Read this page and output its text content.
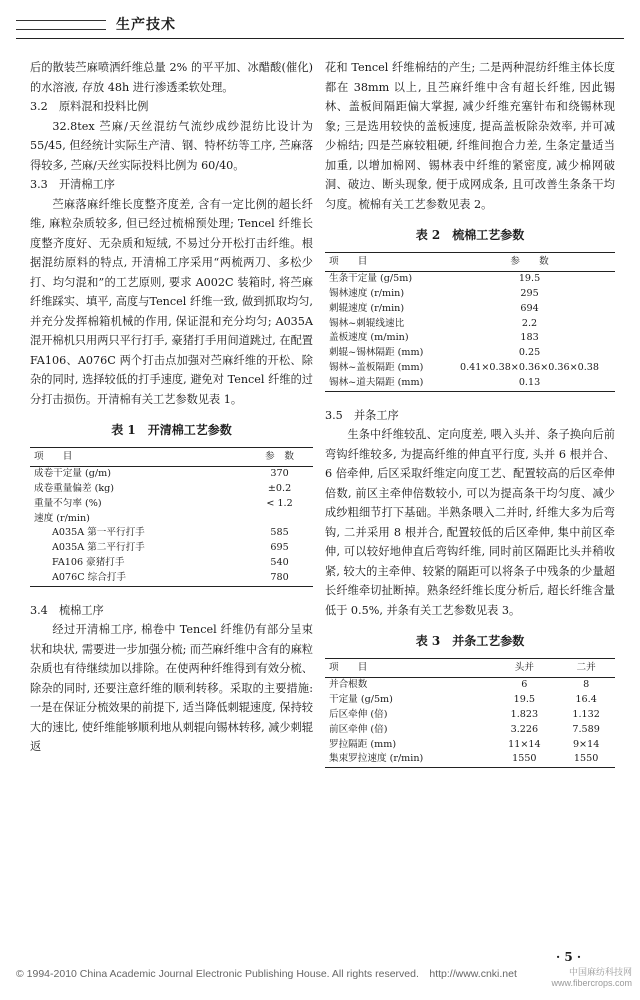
生产技术

后的散装苎麻喷洒纤维总量 2% 的平平加、冰醋酸(催化) 的水溶液, 存放 48h 进行渗透柔软处理。

3.2　原料混和投料比例

32.8tex 苎麻/天丝混纺气流纱成纱混纺比设计为 55/45, 但经统计实际生产清、钢、特杯纺等工序, 苎麻落得较多, 苎麻/天丝实际投料比例为 60/40。

3.3　开清棉工序

苎麻落麻纤维长度整齐度差, 含有一定比例的超长纤维, 麻粒杂质较多, 但已经过梳棉预处理; Tencel 纤维长度整齐度好、无杂质和短绒, 不易过分开松打击纤维。根据混纺原料的特点, 开清棉工序采用“两梳两刀、多松少打、均匀混和”的工艺原则, 要求 A002C 装箱时, 将苎麻纤维踩实、填平, 高度与Tencel 纤维一致, 做到抓取均匀, 并充分发挥棉箱机械的作用, 保证混和充分均匀; A035A 混开棉机只用两只平行打手, 豪猪打手用间道跳过, 在配置 FA106、A076C 两个打击点加强对苎麻纤维的开松、除杂的同时, 选择较低的打手速度, 避免对 Tencel 纤维的过分打击损伤。开清棉有关工艺参数见表 1。

表 1　开清棉工艺参数
项　　目	参　数
成卷干定量 (g/m)	370
成卷重量偏差 (kg)	±0.2
重量不匀率 (%)	< 1.2
速度 (r/min)	
A035A 第一平行打手	585
A035A 第二平行打手	695
FA106 豪猪打手	540
A076C 综合打手	780

3.4　梳棉工序

经过开清棉工序, 棉卷中 Tencel 纤维仍有部分呈束状和块状, 需要进一步加强分梳; 而苎麻纤维中含有的麻粒杂质也有待继续加以排除。在使两种纤维得到有效分梳、除杂的同时, 还要注意纤维的顺利转移。采取的主要措施: 一是在保证分梳效果的前提下, 适当降低刺辊速度, 保持较大的速比, 使纤维能够顺利地从刺辊向锡林转移, 减少刺辊返

花和 Tencel 纤维棉结的产生; 二是两种混纺纤维主体长度都在 38mm 以上, 且苎麻纤维中含有超长纤维, 因此锡林、盖板间隔距偏大掌握, 减少纤维充塞针布和绕锡林现象; 三是选用较快的盖板速度, 提高盖板除杂效率, 并可减少棉结; 四是苎麻较粗硬, 纤维间抱合力差, 生条定量适当加重, 以增加棉网、锡林表中纤维的紧密度, 减少棉网破洞、破边、断头现象, 便于成网成条, 且可改善生条条干均匀度。梳棉有关工艺参数见表 2。

表 2　梳棉工艺参数
项　　目	参　　数
生条干定量 (g/5m)	19.5
锡林速度 (r/min)	295
刺辊速度 (r/min)	694
锡林~刺辊线速比	2.2
盖板速度 (m/min)	183
刺辊~锡林隔距 (mm)	0.25
锡林~盖板隔距 (mm)	0.41×0.38×0.36×0.36×0.38
锡林~道夫隔距 (mm)	0.13

3.5　并条工序

生条中纤维较乱、定向度差, 喂入头并、条子换向后前弯钩纤维较多, 为提高纤维的伸直平行度, 头并 6 根并合、6 倍牵伸, 后区采取纤维定向度工艺、配置较高的后区牵伸倍数, 前区主牵伸倍数较小, 可以为提高条干均匀度、减少成纱粗细节打下基础。半熟条喂入二并时, 纤维大多为后弯钩, 二并采用 8 根并合, 配置较低的后区牵伸, 集中前区牵伸, 可以较好地伸直后弯钩纤维, 同时前区隔距比头并稍收紧, 较大的主牵伸、较紧的隔距可以将条子中残条的少量超长纤维牵切扯断掉。熟条经纤维长度分析后, 超长纤维含量低于 0.5%, 并条有关工艺参数见表 3。

表 3　并条工艺参数
项　　目	头并	二并
并合根数	6	8
干定量 (g/5m)	19.5	16.4
后区牵伸 (倍)	1.823	1.132
前区牵伸 (倍)	3.226	7.589
罗拉隔距 (mm)	11×14	9×14
集束罗拉速度 (r/min)	1550	1550
· 5 ·
© 1994-2010 China Academic Journal Electronic Publishing House. All rights reserved.　http://www.cnki.net	中国麻纺科技网
www.fibercrops.com
